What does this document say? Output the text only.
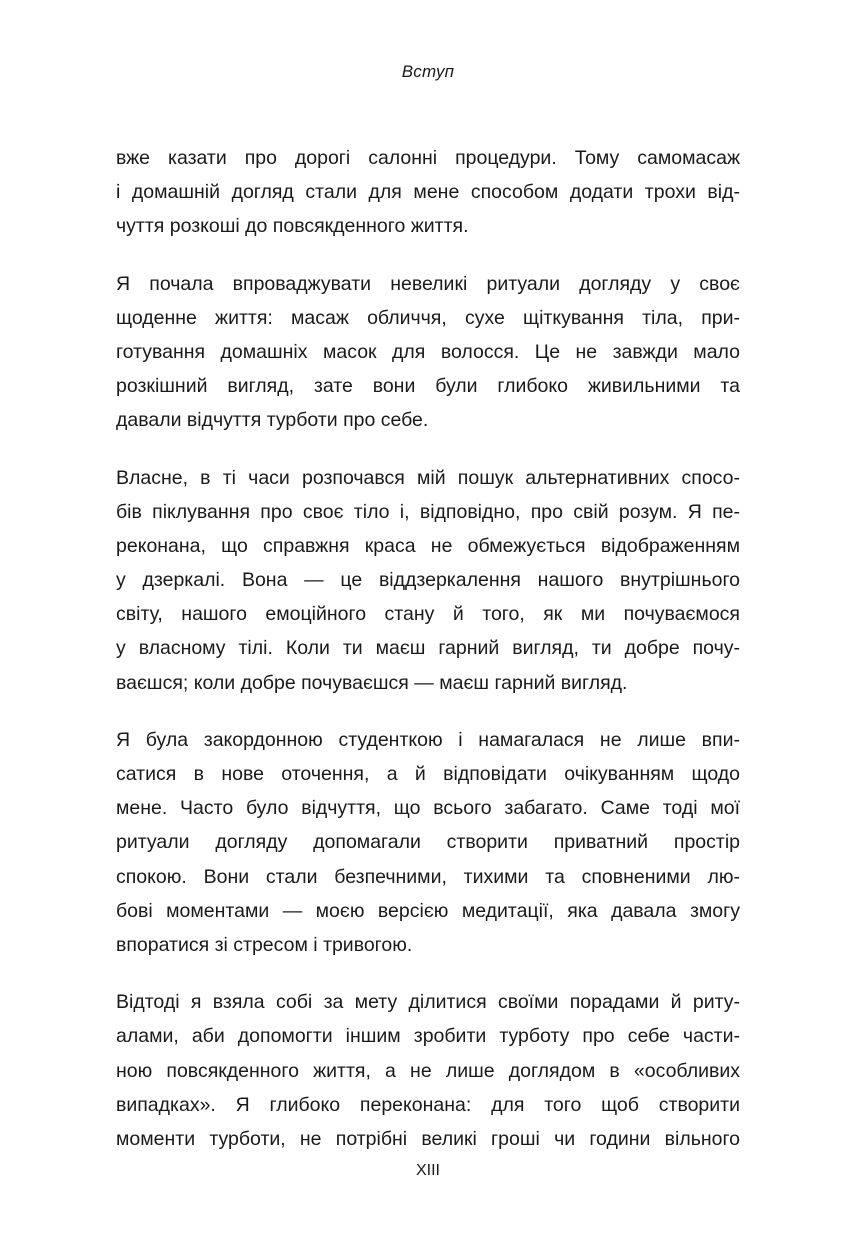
Вступ
вже казати про дорогі салонні процедури. Тому самомасаж
і домашній догляд стали для мене способом додати трохи від-
чуття розкоші до повсякденного життя.
Я почала впроваджувати невеликі ритуали догляду у своє
щоденне життя: масаж обличчя, сухе щіткування тіла, при-
готування домашніх масок для волосся. Це не завжди мало
розкішний вигляд, зате вони були глибоко живильними та
давали відчуття турботи про себе.
Власне, в ті часи розпочався мій пошук альтернативних спосо-
бів піклування про своє тіло і, відповідно, про свій розум. Я пе-
реконана, що справжня краса не обмежується відображенням
у дзеркалі. Вона — це віддзеркалення нашого внутрішнього
світу, нашого емоційного стану й того, як ми почуваємося
у власному тілі. Коли ти маєш гарний вигляд, ти добре почу-
ваєшся; коли добре почуваєшся — маєш гарний вигляд.
Я була закордонною студенткою і намагалася не лише впи-
сатися в нове оточення, а й відповідати очікуванням щодо
мене. Часто було відчуття, що всього забагато. Саме тоді мої
ритуали догляду допомагали створити приватний простір
спокою. Вони стали безпечними, тихими та сповненими лю-
бові моментами — моєю версією медитації, яка давала змогу
впоратися зі стресом і тривогою.
Відтоді я взяла собі за мету ділитися своїми порадами й риту-
алами, аби допомогти іншим зробити турботу про себе части-
ною повсякденного життя, а не лише доглядом в «особливих
випадках». Я глибоко переконана: для того щоб створити
моменти турботи, не потрібні великі гроші чи години вільного
XIII
